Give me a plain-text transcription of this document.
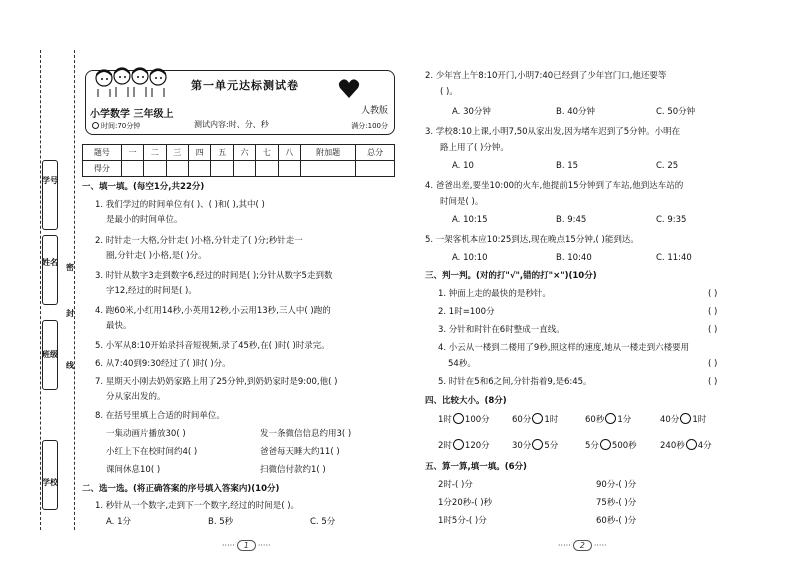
学号
姓名
班级
学校
密
封
线
第一单元达标测试卷
小学数学 三年级上	人教版
时间:70分钟	测试内容:时、分、秒	满分:100分
题号	一	二	三	四	五	六	七	八	附加题	总分
得分										
一、填一填。(每空1分,共22分)
1. 我们学过的时间单位有( )、( )和( ),其中( )
是最小的时间单位。
2. 时针走一大格,分针走( )小格,分针走了( )分;秒针走一
圈,分针走( )小格,是( )分。
3. 时针从数字3走到数字6,经过的时间是( );分针从数字5走到数
字12,经过的时间是( )。
4. 跑60米,小红用14秒,小英用12秒,小云用13秒,三人中( )跑的
最快。
5. 小军从8:10开始录抖音短视频,录了45秒,在( )时( )时录完。
6. 从7:40到9:30经过了( )时( )分。
7. 星期天小刚去奶奶家路上用了25分钟,到奶奶家时是9:00,他( )
分从家出发的。
8. 在括号里填上合适的时间单位。
一集动画片播放30( )	发一条微信信息约用3( )
小红上下在校时间约4( )	爸爸每天睡大约11( )
课间休息10( )	扫微信付款约1( )
二、选一选。(将正确答案的序号填入答案内)(10分)
1. 秒针从一个数字,走到下一个数字,经过的时间是( )。
A. 1分	B. 5秒	C. 5分
·····	1	·····
2. 少年宫上午8:10开门,小明7:40已经到了少年宫门口,他还要等
( )。
A. 30分钟	B. 40分钟	C. 50分钟
3. 学校8:10上课,小明7,50从家出发,因为堵车迟到了5分钟。小明在
路上用了( )分钟。
A. 10	B. 15	C. 25
4. 爸爸出差,要坐10:00的火车,他提前15分钟到了车站,他到达车站的
时间是( )。
A. 10:15	B. 9:45	C. 9:35
5. 一架客机本应10:25到达,现在晚点15分钟,( )能到达。
A. 10:10	B. 10:40	C. 11:40
三、判一判。(对的打"√",错的打"×")(10分)
1. 钟面上走的最快的是秒针。	( )
2. 1时=100分	( )
3. 分针和时针在6时整成一直线。	( )
4. 小云从一楼到二楼用了9秒,照这样的速度,她从一楼走到六楼要用
54秒。	( )
5. 时针在5和6之间,分针指着9,是6:45。	( )
四、比较大小。(8分)
1时 100分	60分 1时	60秒 1分	40分 1时
2时 120分	30分 5分	5分 500秒	240秒 4分
五、算一算,填一填。(6分)
2时-( )分	90分-( )分
1分20秒-( )秒	75秒-( )分
1时5分-( )分	60秒-( )分
·····	2	·····
